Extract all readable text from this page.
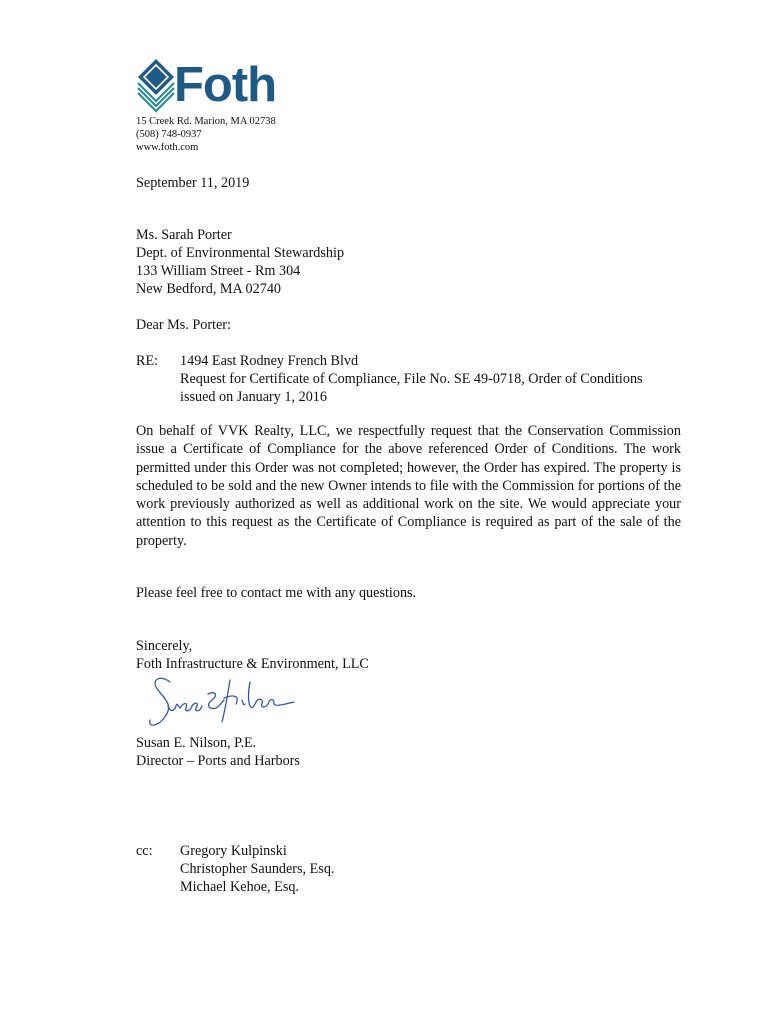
Foth
15 Creek Rd. Marion, MA 02738
(508) 748-0937
www.foth.com
September 11, 2019
Ms. Sarah Porter
Dept. of Environmental Stewardship
133 William Street - Rm 304
New Bedford, MA 02740
Dear Ms. Porter:
RE: 1494 East Rodney French Blvd
Request for Certificate of Compliance, File No. SE 49-0718, Order of Conditions
issued on January 1, 2016

On behalf of VVK Realty, LLC, we respectfully request that the Conservation Commission issue a Certificate of Compliance for the above referenced Order of Conditions. The work permitted under this Order was not completed; however, the Order has expired. The property is scheduled to be sold and the new Owner intends to file with the Commission for portions of the work previously authorized as well as additional work on the site. We would appreciate your attention to this request as the Certificate of Compliance is required as part of the sale of the property.

Please feel free to contact me with any questions.
Sincerely,
Foth Infrastructure & Environment, LLC
Susan E. Nilson, P.E.
Director – Ports and Harbors
cc: Gregory Kulpinski
Christopher Saunders, Esq.
Michael Kehoe, Esq.
